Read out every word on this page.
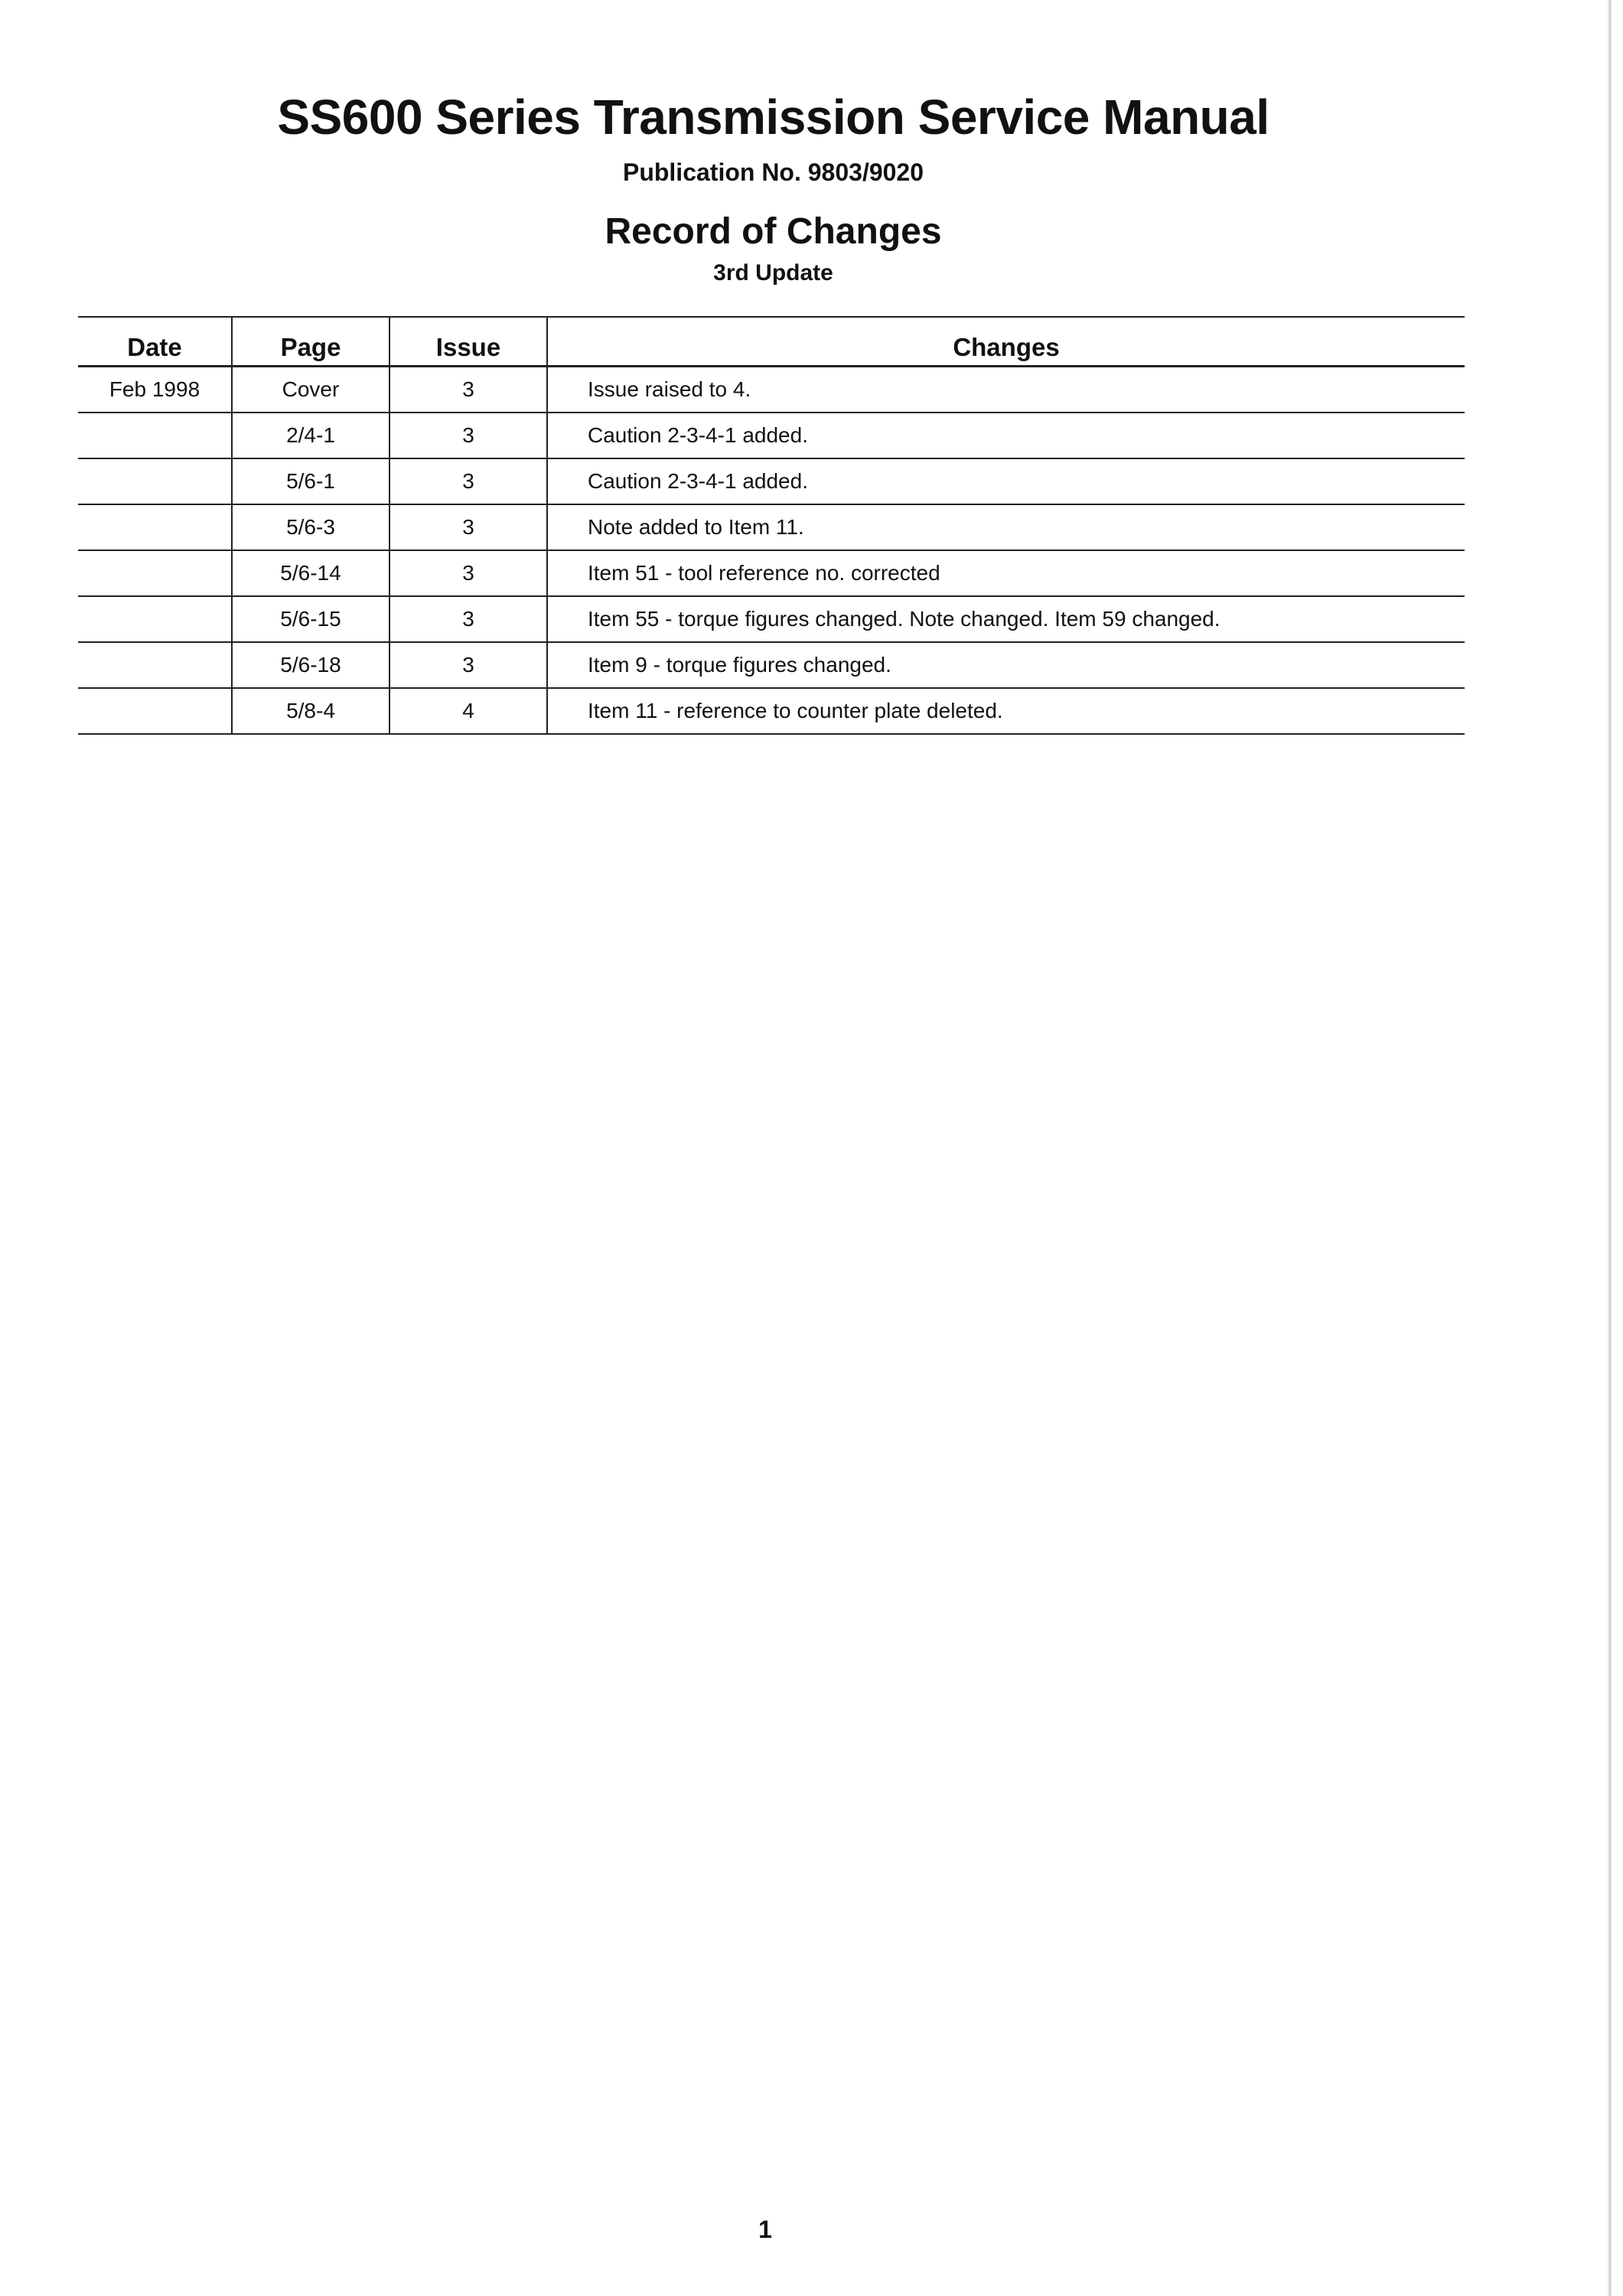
SS600 Series Transmission Service Manual
Publication No. 9803/9020
Record of Changes
3rd Update
Date	Page	Issue	Changes
Feb 1998	Cover	3	Issue raised to 4.
	2/4-1	3	Caution 2-3-4-1 added.
	5/6-1	3	Caution 2-3-4-1 added.
	5/6-3	3	Note added to Item 11.
	5/6-14	3	Item 51 - tool reference no. corrected
	5/6-15	3	Item 55 - torque figures changed. Note changed. Item 59 changed.
	5/6-18	3	Item 9 - torque figures changed.
	5/8-4	4	Item 11 - reference to counter plate deleted.
1
